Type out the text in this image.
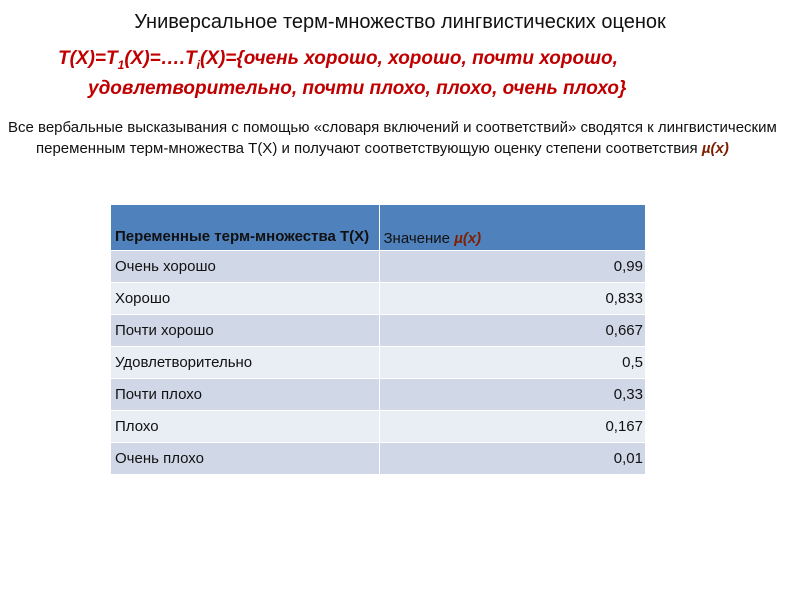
Универсальное терм-множество лингвистических оценок
$T(X)=T_1(X)=\dots.T_i(X)=\{очень$ хорошо, хорошо, почти хорошо,
удовлетворительно, почти плохо, плохо, очень плохо}
Все вербальные высказывания с помощью «словаря включений и соответствий» сводятся к лингвистическим переменным терм-множества T(X) и получают соответствующую оценку степени соответствия µ(x)
Переменные терм-множества T(X)	Значение µ(x)
Очень хорошо	0,99
Хорошо	0,833
Почти хорошо	0,667
Удовлетворительно	0,5
Почти плохо	0,33
Плохо	0,167
Очень плохо	0,01
